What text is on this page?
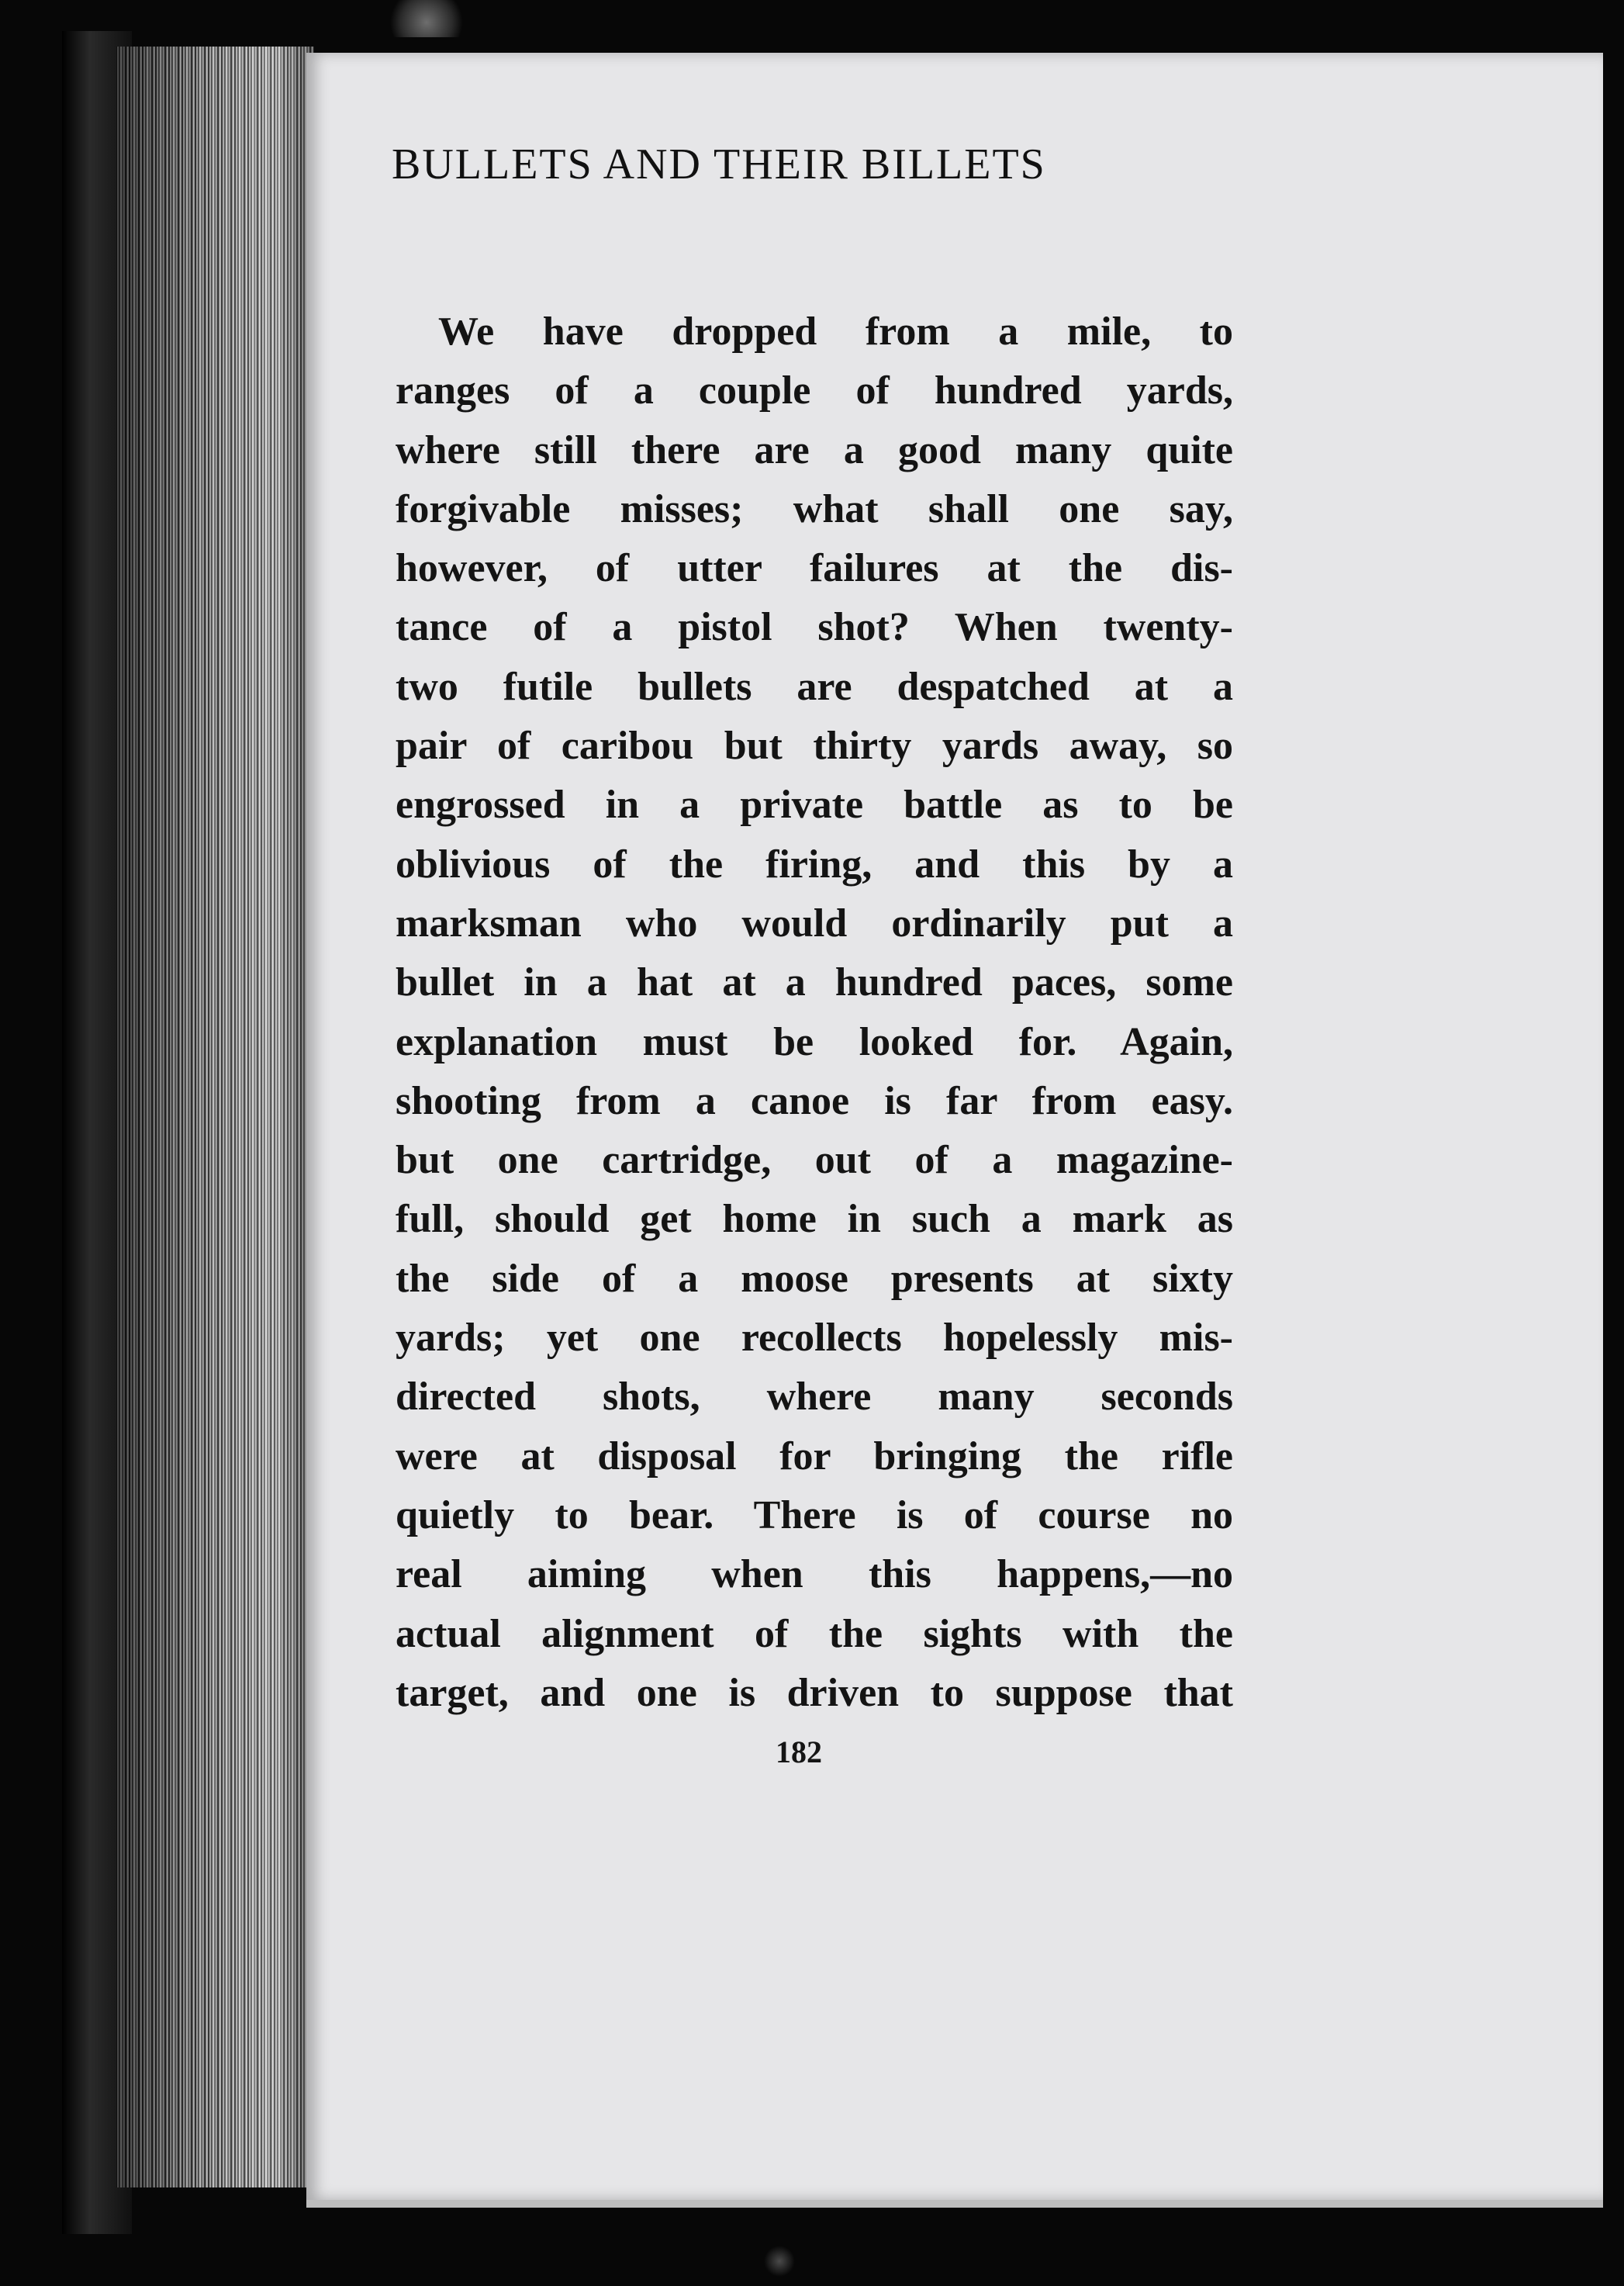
BULLETS AND THEIR BILLETS
We have dropped from a mile, to
ranges of a couple of hundred yards,
where still there are a good many quite
forgivable misses; what shall one say,
however, of utter failures at the dis-
tance of a pistol shot? When twenty-
two futile bullets are despatched at a
pair of caribou but thirty yards away, so
engrossed in a private battle as to be
oblivious of the firing, and this by a
marksman who would ordinarily put a
bullet in a hat at a hundred paces, some
explanation must be looked for. Again,
shooting from a canoe is far from easy.
but one cartridge, out of a magazine-
full, should get home in such a mark as
the side of a moose presents at sixty
yards; yet one recollects hopelessly mis-
directed shots, where many seconds
were at disposal for bringing the rifle
quietly to bear. There is of course no
real aiming when this happens,—no
actual alignment of the sights with the
target, and one is driven to suppose that
182
